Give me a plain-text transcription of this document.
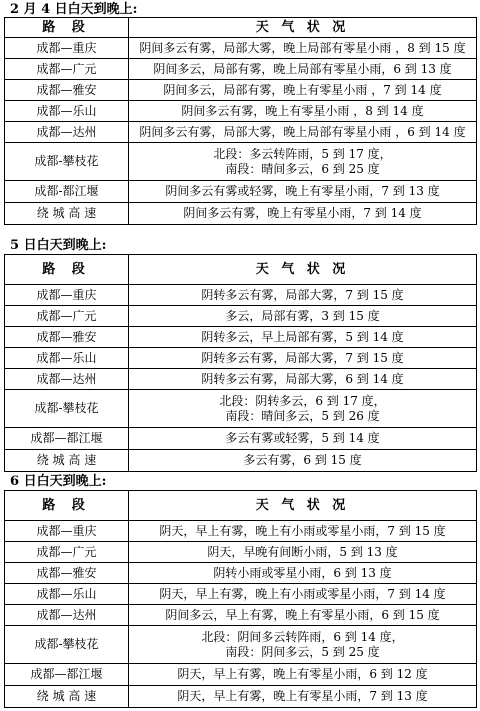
2 月 4 日白天到晚上:
路 段	天 气 状 况
成都—重庆	阴间多云有雾，局部大雾，晚上局部有零星小雨 ，8 到 15 度

成都—广元	阴间多云，局部有雾，晚上局部有零星小雨，6 到 13 度

成都—雅安	阴间多云，局部有雾，晚上有零星小雨 ，7 到 14 度

成都—乐山	阴间多云有雾，晚上有零星小雨 ，8 到 14 度

成都—达州	阴间多云有雾，局部大雾，晚上局部有零星小雨 ，6 到 14 度

成都-攀枝花	北段：多云转阵雨，5 到 17 度，
南段：晴间多云，6 到 25 度

成都-都江堰	阴间多云有雾或轻雾，晚上有零星小雨，7 到 13 度

绕 城 高 速	阴间多云有雾，晚上有零星小雨，7 到 14 度
5 日白天到晚上:
路 段	天 气 状 况
成都—重庆	阴转多云有雾，局部大雾，7 到 15 度

成都—广元	多云，局部有雾，3 到 15 度

成都—雅安	阴转多云，早上局部有雾，5 到 14 度

成都—乐山	阴转多云有雾，局部大雾，7 到 15 度

成都—达州	阴转多云有雾，局部大雾，6 到 14 度

成都-攀枝花	北段：阴转多云，6 到 17 度，
南段：晴间多云，5 到 26 度

成都—都江堰	多云有雾或轻雾，5 到 14 度

绕 城 高 速	多云有雾，6 到 15 度
6 日白天到晚上:
路 段	天 气 状 况
成都—重庆	阴天，早上有雾，晚上有小雨或零星小雨，7 到 15 度

成都—广元	阴天，早晚有间断小雨，5 到 13 度

成都—雅安	阴转小雨或零星小雨，6 到 13 度

成都—乐山	阴天，早上有雾，晚上有小雨或零星小雨，7 到 14 度

成都—达州	阴间多云，早上有雾，晚上有零星小雨，6 到 15 度

成都-攀枝花	北段：阴间多云转阵雨，6 到 14 度，
南段：阴间多云，5 到 25 度

成都—都江堰	阴天，早上有雾，晚上有零星小雨，6 到 12 度

绕 城 高 速	阴天，早上有雾，晚上有零星小雨，7 到 13 度
